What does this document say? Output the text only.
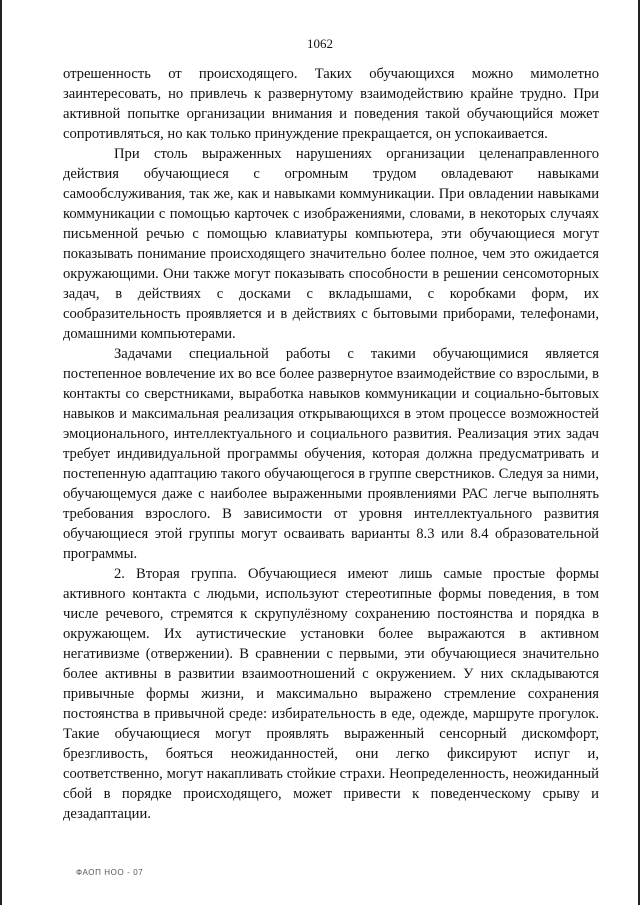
1062

отрешенность от происходящего. Таких обучающихся можно мимолетно заинтересовать, но привлечь к развернутому взаимодействию крайне трудно. При активной попытке организации внимания и поведения такой обучающийся может сопротивляться, но как только принуждение прекращается, он успокаивается.

При столь выраженных нарушениях организации целенаправленного действия обучающиеся с огромным трудом овладевают навыками самообслуживания, так же, как и навыками коммуникации. При овладении навыками коммуникации с помощью карточек с изображениями, словами, в некоторых случаях письменной речью с помощью клавиатуры компьютера, эти обучающиеся могут показывать понимание происходящего значительно более полное, чем это ожидается окружающими. Они также могут показывать способности в решении сенсомоторных задач, в действиях с досками с вкладышами, с коробками форм, их сообразительность проявляется и в действиях с бытовыми приборами, телефонами, домашними компьютерами.

Задачами специальной работы с такими обучающимися является постепенное вовлечение их во все более развернутое взаимодействие со взрослыми, в контакты со сверстниками, выработка навыков коммуникации и социально-бытовых навыков и максимальная реализация открывающихся в этом процессе возможностей эмоционального, интеллектуального и социального развития. Реализация этих задач требует индивидуальной программы обучения, которая должна предусматривать и постепенную адаптацию такого обучающегося в группе сверстников. Следуя за ними, обучающемуся даже с наиболее выраженными проявлениями РАС легче выполнять требования взрослого. В зависимости от уровня интеллектуального развития обучающиеся этой группы могут осваивать варианты 8.3 или 8.4 образовательной программы.

2. Вторая группа. Обучающиеся имеют лишь самые простые формы активного контакта с людьми, используют стереотипные формы поведения, в том числе речевого, стремятся к скрупулёзному сохранению постоянства и порядка в окружающем. Их аутистические установки более выражаются в активном негативизме (отвержении). В сравнении с первыми, эти обучающиеся значительно более активны в развитии взаимоотношений с окружением. У них складываются привычные формы жизни, и максимально выражено стремление сохранения постоянства в привычной среде: избирательность в еде, одежде, маршруте прогулок. Такие обучающиеся могут проявлять выраженный сенсорный дискомфорт, брезгливость, бояться неожиданностей, они легко фиксируют испуг и, соответственно, могут накапливать стойкие страхи. Неопределенность, неожиданный сбой в порядке происходящего, может привести к поведенческому срыву и дезадаптации.

ФАОП НОО - 07
